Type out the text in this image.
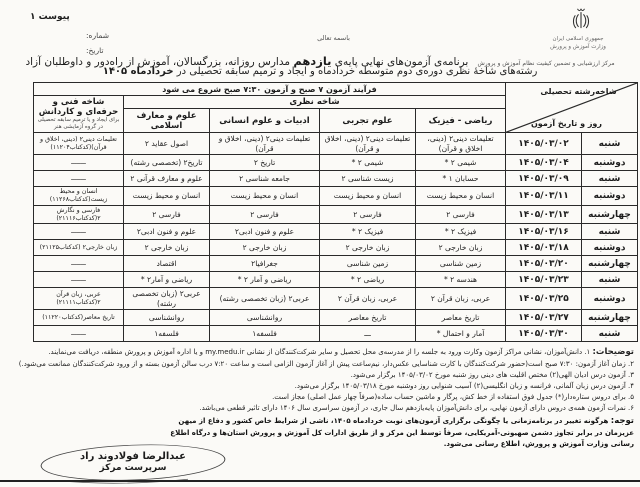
پیوست ۱
شماره:
تاریخ:
باسمه تعالی	جمهوری اسلامی ایران
وزارت آموزش و پرورش
مرکز ارزشیابی و تضمین کیفیت نظام آموزش و پرورش برنامه‌ی آزمون‌های نهایی پایه‌ی یازدهم مدارس روزانه، بزرگسالان، آموزش از راه‌دور و داوطلبان آزاد
رشته‌های شاخهٔ نظری دوره‌ی دوم متوسطه خردادماه و ایجاد و ترمیم سابقه تحصیلی در خردادماه ۱۴۰۵
شاخه‌رشته تحصیلی
روز و تاریخ آزمون		فرآیند آزمون ۷ صبح و آزمون ۷:۳۰ صبح شروع می شود				
		شاخه نظری				شاخه فنی و حرفه‌ای و کاردانش
برای ایجاد و یا ترمیم سابقه تحصیلی در گروه آزمایشی هنر

		ریاضی - فیزیک	علوم تجربی	ادبیات و علوم انسانی	علوم و معارف اسلامی	
شنبه	۱۴۰۵/۰۳/۰۲	تعلیمات دینی۲ (دینی، اخلاق و قرآن)	تعلیمات دینی۲ (دینی، اخلاق و قرآن)	تعلیمات دینی۲ (دینی، اخلاق و قرآن)	اصول عقاید ۲	تعلیمات دینی۲ (دینی، اخلاق و قرآن)(کدکتاب۱۱۲۰۴)
دوشنبه	۱۴۰۵/۰۳/۰۴	شیمی ۲ *	شیمی ۲ *	تاریخ ۲	تاریخ۲ (تخصصی رشته)	ــــــــ
شنبه	۱۴۰۵/۰۳/۰۹	حسابان ۱ *	زیست شناسی ۲	جامعه شناسی ۲	علوم و معارف قرآنی ۲	ــــــــ
دوشنبه	۱۴۰۵/۰۳/۱۱	انسان و محیط زیست	انسان و محیط زیست	انسان و محیط زیست	انسان و محیط زیست	انسان و محیط زیست(کدکتاب۱۱۲۶۸)
چهارشنبه	۱۴۰۵/۰۳/۱۳	فارسی ۲	فارسی ۲	فارسی ۲	فارسی ۲	فارسی و نگارش ۲(کدکتاب۲۱۱۱۶)
شنبه	۱۴۰۵/۰۳/۱۶	فیزیک ۲ *	فیزیک ۲ *	علوم و فنون ادبی۲	علوم و فنون ادبی۲	ــــــــ
دوشنبه	۱۴۰۵/۰۳/۱۸	زبان خارجی ۲	زبان خارجی ۲	زبان خارجی ۲	زبان خارجی ۲	زبان خارجی۲ (کدکتاب۲۱۱۲۵)
چهارشنبه	۱۴۰۵/۰۳/۲۰	زمین شناسی	زمین شناسی	جغرافیا۲	اقتصاد	ــــــــ
شنبه	۱۴۰۵/۰۳/۲۳	هندسه ۲ *	ریاضی ۲ *	ریاضی و آمار ۲ *	ریاضی و آمار۲ *	ــــــــ
دوشنبه	۱۴۰۵/۰۳/۲۵	عربی، زبان قرآن ۲	عربی، زبان قرآن ۲	عربی۲ (زبان تخصصی رشته)	عربی۲ (زبان تخصصی رشته)	عربی، زبان قرآن ۲(کدکتاب۲۱۱۱۱)
چهارشنبه	۱۴۰۵/۰۳/۲۷	تاریخ معاصر	تاریخ معاصر	روانشناسی	روانشناسی	تاریخ معاصر(کدکتاب۱۱۲۲۰)
شنبه	۱۴۰۵/۰۳/۳۰	آمار و احتمال *	ـــ	فلسفه۱	فلسفه۱	ــــــــ
توضیحات: ۱. دانش‌آموزان، نشانی مراکز آزمون وکارت ورود به جلسه را از مدرسه‌ی محل تحصیل و سایر شرکت‌کنندگان از نشانی my.medu.ir و یا اداره آموزش و پرورش منطقه، دریافت می‌نمایند.
۲. زمان آغاز آزمون: ۷:۳۰ صبح است(حضور شرکت‌کنندگان با کارت شناسایی عکس‌دار، نیم‌ساعت پیش از آغاز آزمون الزامی است و ساعت ۷:۲۰ درب سالن آزمون بسته و از ورود شرکت‌کنندگان ممانعت می‌شود.)
۳. آزمون درس ادیان الهی(۲) مختص اقلیت های دینی روز شنبه مورخ ۱۴۰۵/۰۳/۰۲ برگزار می‌شود.
۴. آزمون درس زبان آلمانی، فرانسه و زبان انگلیسی(۲) آسیب شنوایی روز دوشنبه مورخ ۱۴۰۵/۰۳/۱۸ برگزار می‌شود.
۵. برای دروس ستاره‌دار(*) جدول فوق استفاده از خط کش، پرگار و ماشین حساب ساده(صرفاً چهار عمل اصلی) مجاز است.
۶. نمرات آزمون همه‌ی دروس دارای آزمون نهایی، برای دانش‌آموزان پایه‌یازدهم سال جاری، در آزمون سراسری سال ۱۴۰۶ دارای تاثیر قطعی می‌باشد.
توجه: هرگونه تغییر در برنامه‌زمانی یا چگونگی برگزاری آزمون‌های نوبت خردادماه ۱۴۰۵، ناشی از شرایط خاص کشور و دفاع از میهن عزیزمان در برابر تجاوز دشمن صهیونی-آمریکایی، صرفاً توسط این مرکز و از طریق ادارات کل آموزش و پرورش استان‌ها و درگاه اطلاع رسانی وزارت آموزش و پرورش، اطلاع رسانی می‌شود.
عبدالرضا فولادوند راد
سرپرست مرکز
